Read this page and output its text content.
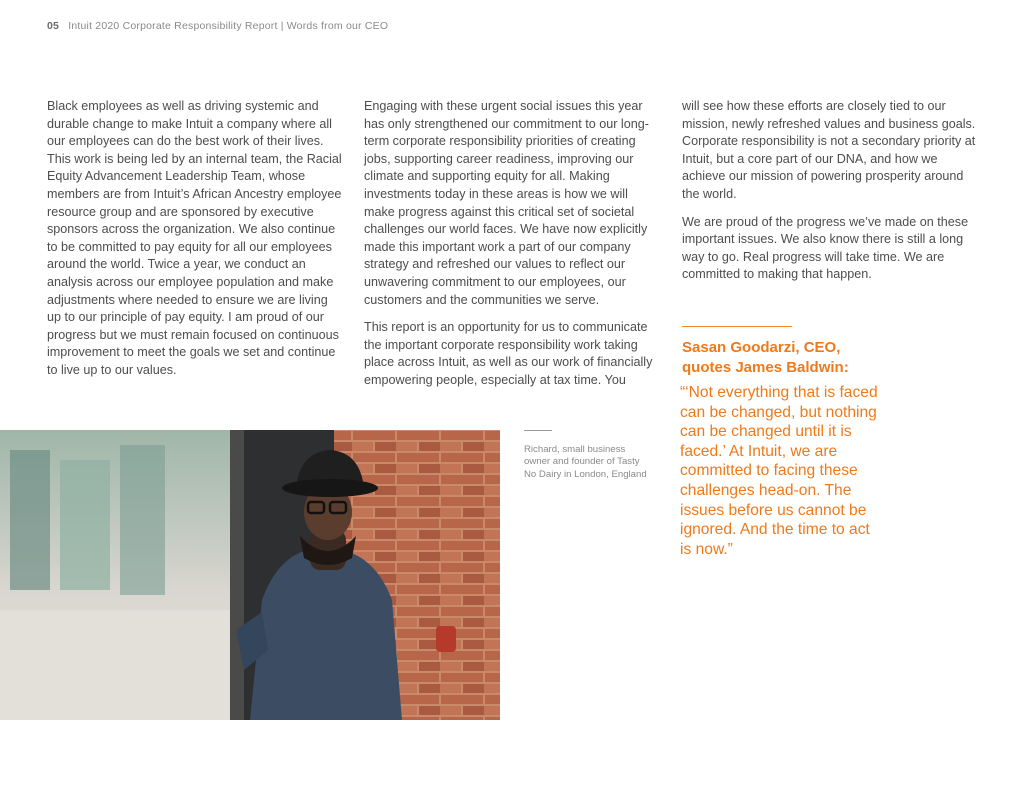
05 Intuit 2020 Corporate Responsibility Report | Words from our CEO

Black employees as well as driving systemic and durable change to make Intuit a company where all our employees can do the best work of their lives. This work is being led by an internal team, the Racial Equity Advancement Leadership Team, whose members are from Intuit’s African Ancestry employee resource group and are sponsored by executive sponsors across the organization. We also continue to be committed to pay equity for all our employees around the world. Twice a year, we conduct an analysis across our employee population and make adjustments where needed to ensure we are living up to our principle of pay equity. I am proud of our progress but we must remain focused on continuous improvement to meet the goals we set and continue to live up to our values.

Engaging with these urgent social issues this year has only strengthened our commitment to our long-term corporate responsibility priorities of creating jobs, supporting career readiness, improving our climate and supporting equity for all. Making investments today in these areas is how we will make progress against this critical set of societal challenges our world faces. We have now explicitly made this important work a part of our company strategy and refreshed our values to reflect our unwavering commitment to our employees, our customers and the communities we serve.

This report is an opportunity for us to communicate the important corporate responsibility work taking place across Intuit, as well as our work of financially empowering people, especially at tax time. You

will see how these efforts are closely tied to our mission, newly refreshed values and business goals. Corporate responsibility is not a secondary priority at Intuit, but a core part of our DNA, and how we achieve our mission of powering prosperity around the world.

We are proud of the progress we’ve made on these important issues. We also know there is still a long way to go. Real progress will take time. We are committed to making that happen.

Sasan Goodarzi, CEO, quotes James Baldwin:
“‘Not everything that is faced can be changed, but nothing can be changed until it is faced.’ At Intuit, we are committed to facing these challenges head-on. The issues before us cannot be ignored. And the time to act is now.”
Richard, small business owner and founder of Tasty No Dairy in London, England
